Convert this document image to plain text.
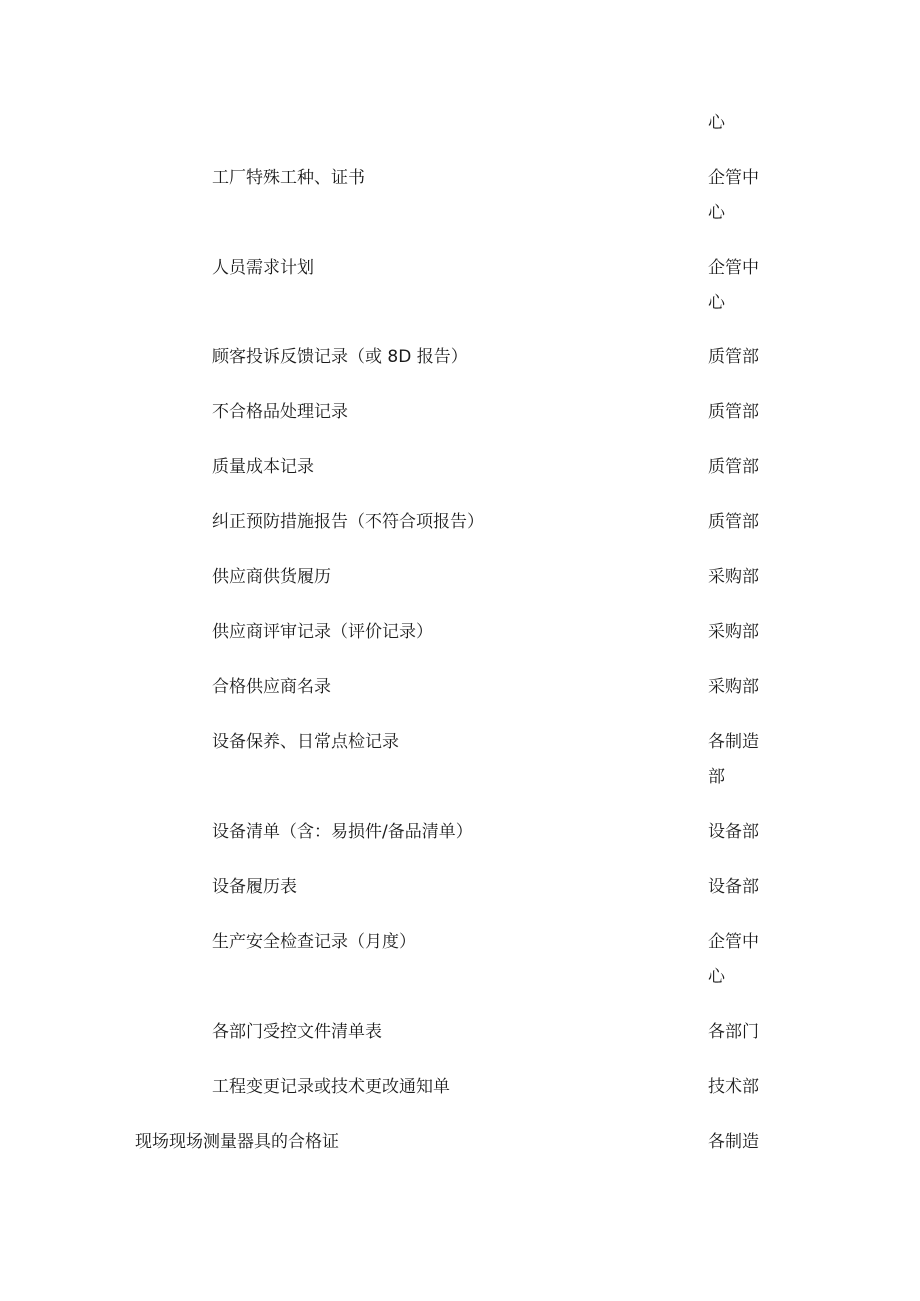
心
工厂特殊工种、证书	企管中心
人员需求计划	企管中心
顾客投诉反馈记录（或 8D 报告）	质管部
不合格品处理记录	质管部
质量成本记录	质管部
纠正预防措施报告（不符合项报告）	质管部
供应商供货履历	采购部
供应商评审记录（评价记录）	采购部
合格供应商名录	采购部
设备保养、日常点检记录	各制造部
设备清单（含：易损件/备品清单）	设备部
设备履历表	设备部
生产安全检查记录（月度）	企管中心
各部门受控文件清单表	各部门
工程变更记录或技术更改通知单	技术部
现场现场测量器具的合格证	各制造
